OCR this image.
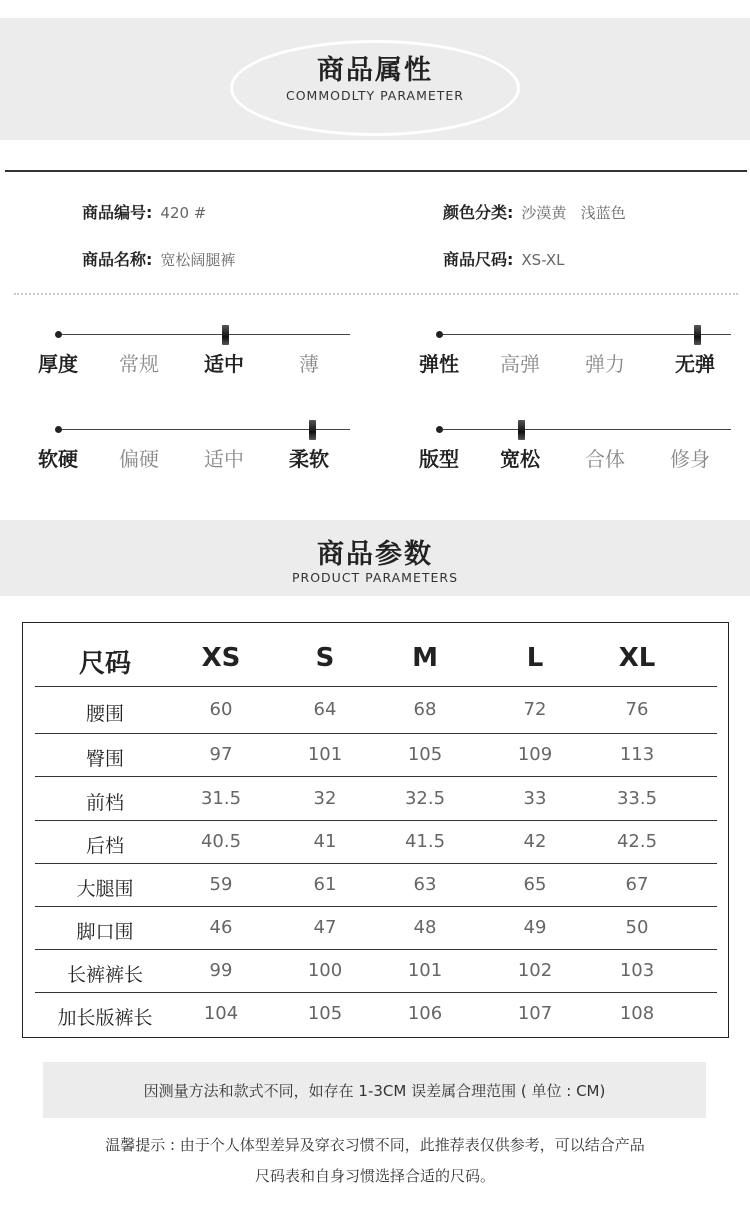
商品属性
COMMODLTY PARAMETER
商品编号: 420 #	颜色分类: 沙漠黄   浅蓝色
商品名称: 宽松阔腿裤	商品尺码: XS-XL
厚度 常规 适中	薄	弹性 高弹 弹力	无弹
软硬 偏硬 适中 柔软	版型 宽松 合体 修身
商品参数
PRODUCT PARAMETERS
尺码	XS	S	M	L	XL
腰围	60	64	68	72	76
臀围	97	101	105	109	113
前档	31.5	32	32.5	33	33.5
后档	40.5	41	41.5	42	42.5
大腿围	59	61	63	65	67
脚口围	46	47	48	49	50
长裤裤长	99	100	101	102	103
加长版裤长	104	105	106	107	108
因测量方法和款式不同，如存在 1-3CM 误差属合理范围 ( 单位 : CM)
温馨提示 : 由于个人体型差异及穿衣习惯不同，此推荐表仅供参考，可以结合产品
尺码表和自身习惯选择合适的尺码。
